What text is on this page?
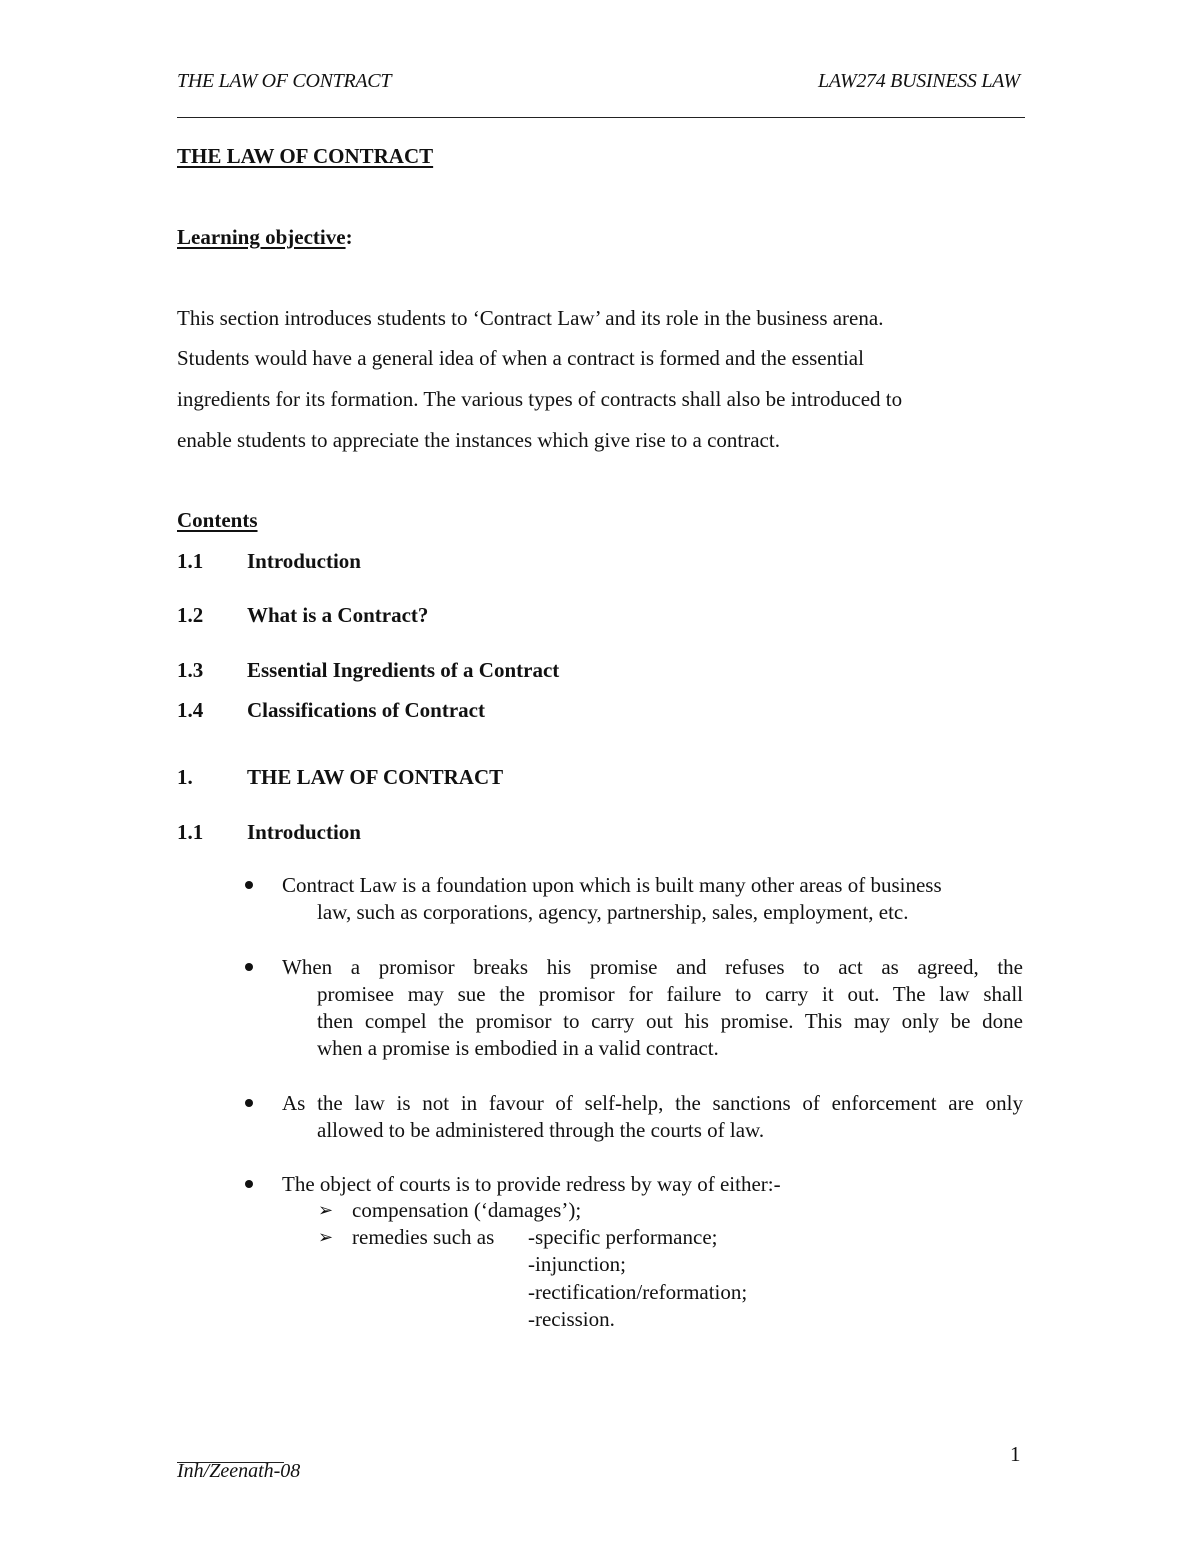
THE LAW OF CONTRACT	LAW274 BUSINESS LAW
THE LAW OF CONTRACT
Learning objective:
This section introduces students to ‘Contract Law’ and its role in the business arena.
Students would have a general idea of when a contract is formed and the essential
ingredients for its formation. The various types of contracts shall also be introduced to
enable students to appreciate the instances which give rise to a contract.
Contents
1.1 Introduction
1.2 What is a Contract?
1.3 Essential Ingredients of a Contract
1.4 Classifications of Contract
1.	THE LAW OF CONTRACT
1.1 Introduction
Contract Law is a foundation upon which is built many other areas of business
law, such as corporations, agency, partnership, sales, employment, etc.
When a promisor breaks his promise and refuses to act as agreed, the
promisee may sue the promisor for failure to carry it out. The law shall
then compel the promisor to carry out his promise. This may only be done
when a promise is embodied in a valid contract.
As the law is not in favour of self-help, the sanctions of enforcement are only
allowed to be administered through the courts of law.
The object of courts is to provide redress by way of either:-
➢ compensation (‘damages’);
➢ remedies such as -specific performance;
-injunction;
-rectification/reformation;
-recission.
1
Inh/Zeenath-08
